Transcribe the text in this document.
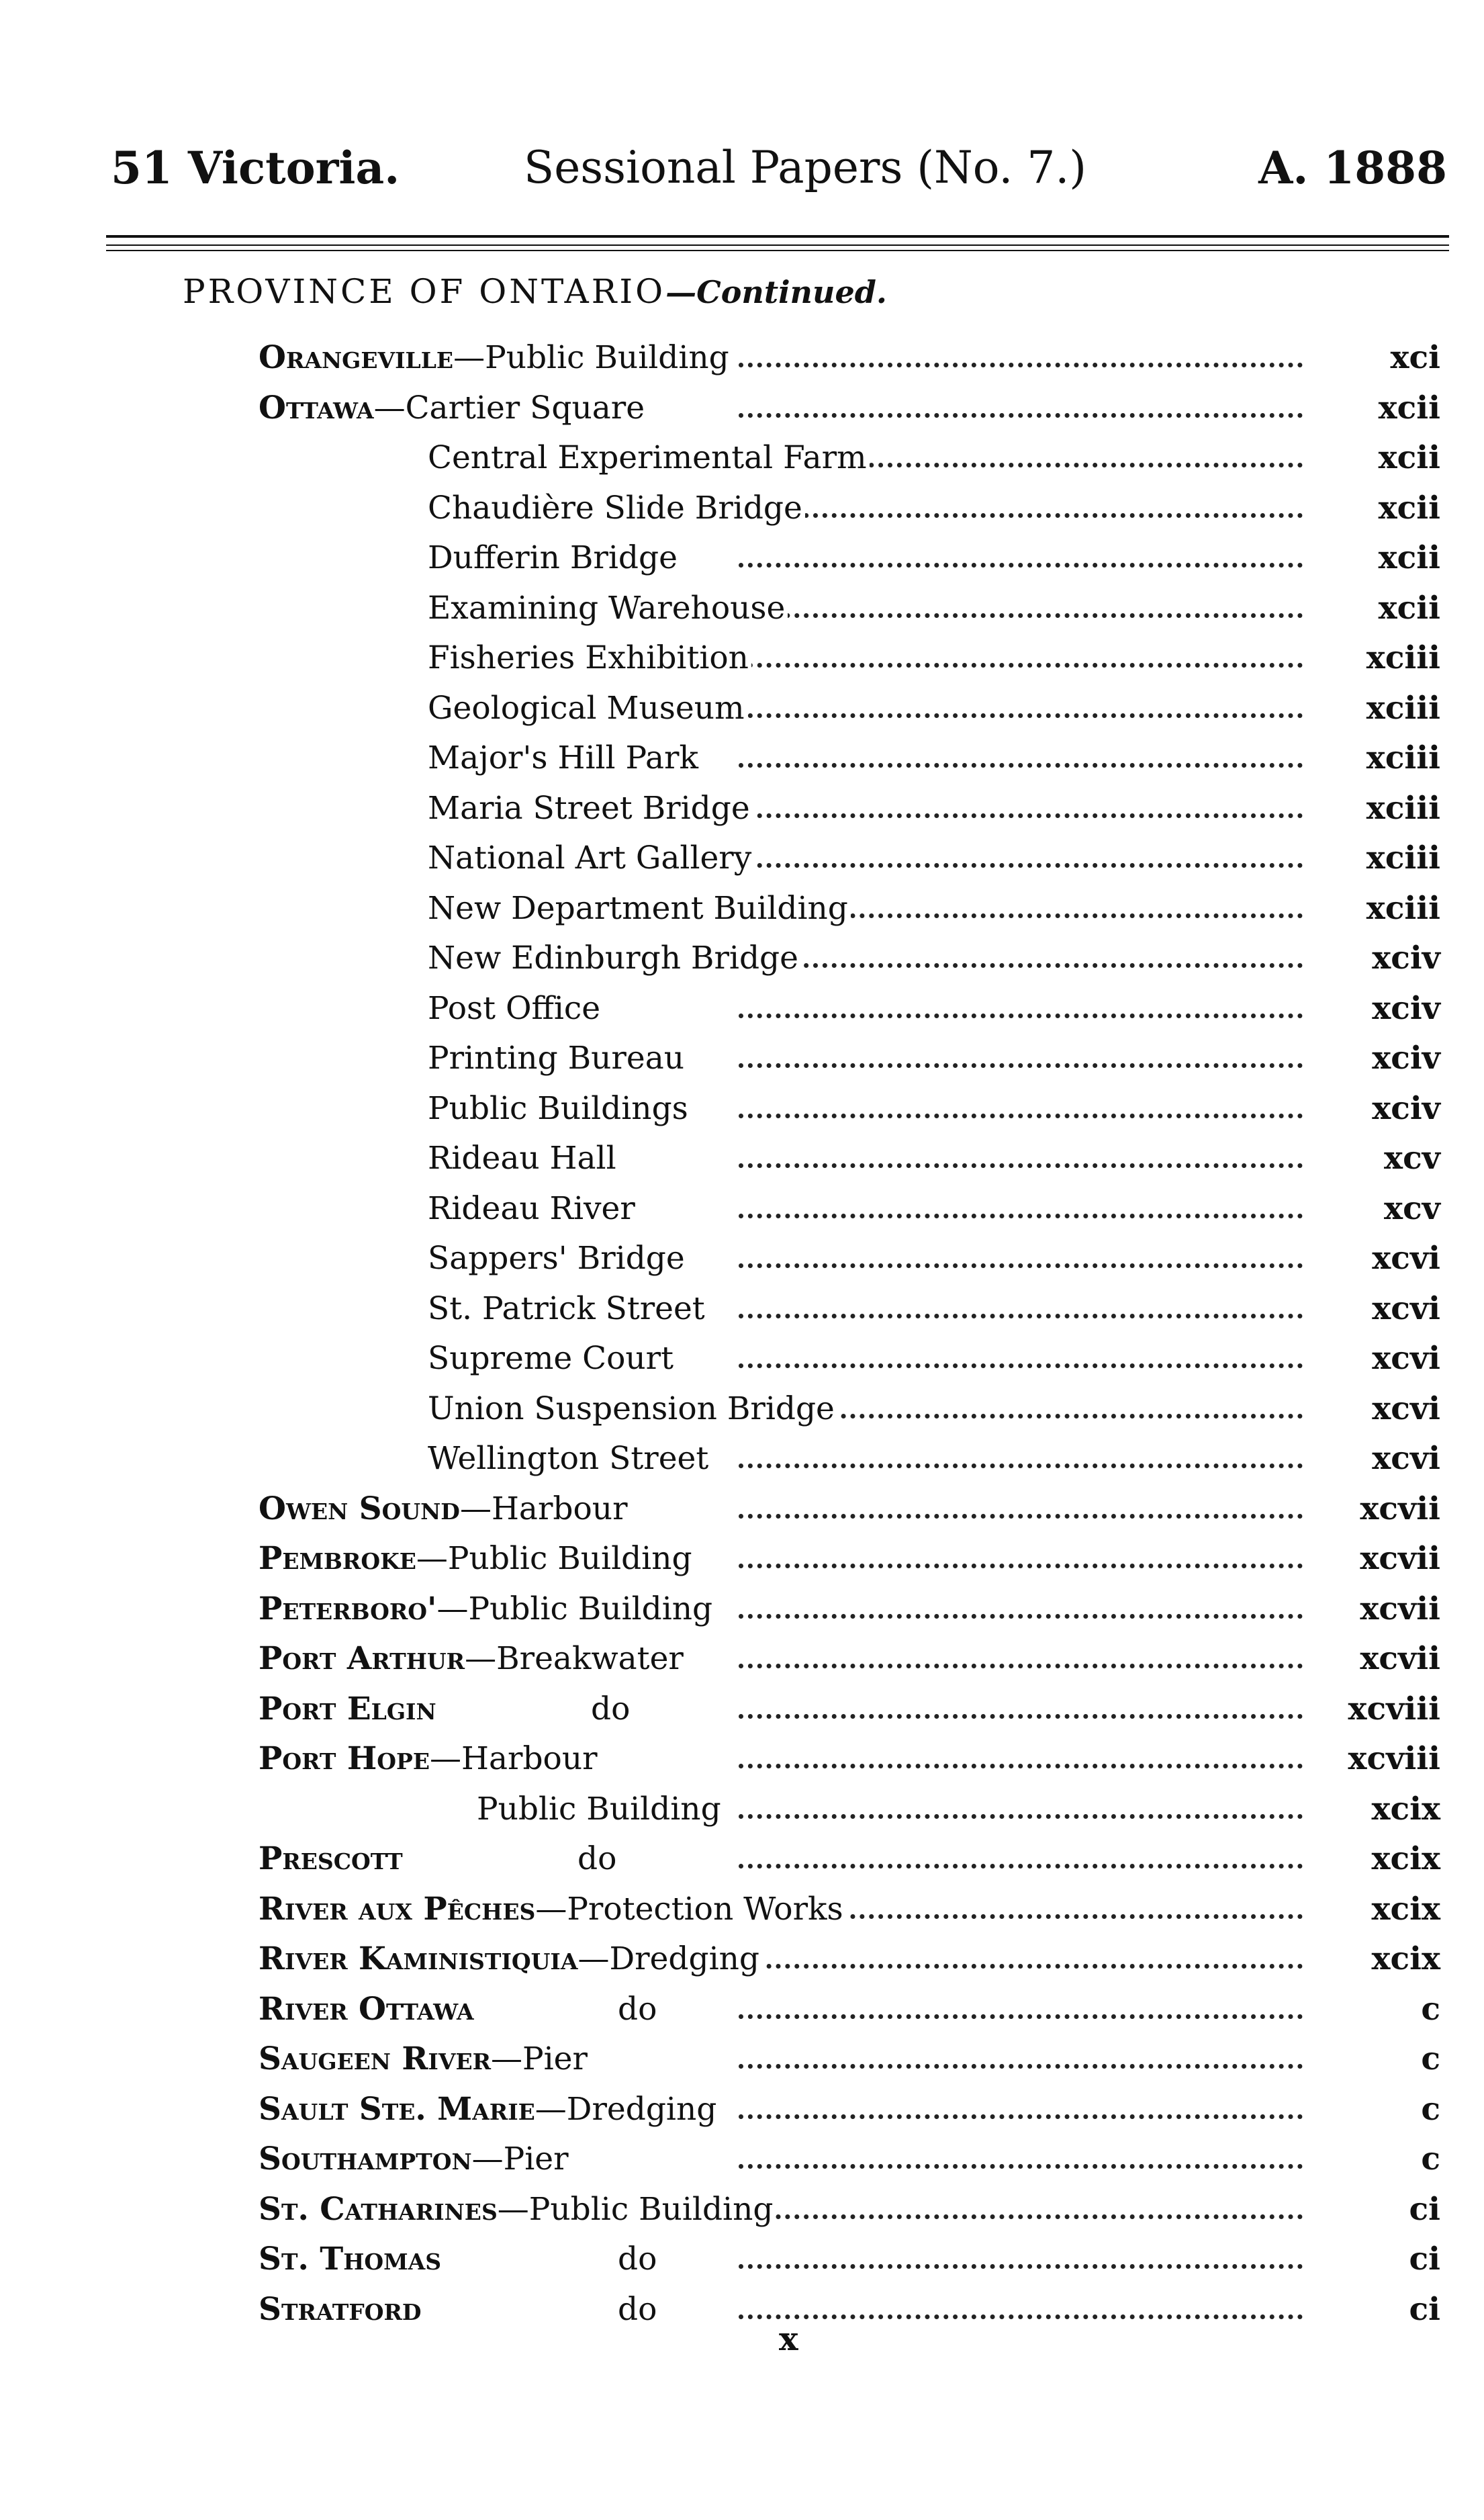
51 Victoria.	Sessional Papers (No. 7.)	A. 1888
PROVINCE OF ONTARIO—Continued.
Orangeville—Public Building	xci
Ottawa—Cartier Square	xcii
Central Experimental Farm	xcii
Chaudière Slide Bridge	xcii
Dufferin Bridge	xcii
Examining Warehouse	xcii
Fisheries Exhibition	xciii
Geological Museum	xciii
Major's Hill Park	xciii
Maria Street Bridge	xciii
National Art Gallery	xciii
New Department Building	xciii
New Edinburgh Bridge	xciv
Post Office	xciv
Printing Bureau	xciv
Public Buildings	xciv
Rideau Hall	xcv
Rideau River	xcv
Sappers' Bridge	xcvi
St. Patrick Street	xcvi
Supreme Court	xcvi
Union Suspension Bridge	xcvi
Wellington Street	xcvi
Owen Sound—Harbour	xcvii
Pembroke—Public Building	xcvii
Peterboro'—Public Building	xcvii
Port Arthur—Breakwater	xcvii
Port Elgin	do	xcviii
Port Hope—Harbour	xcviii
Public Building	xcix
Prescott	do	xcix
River aux Pêches—Protection Works	xcix
River Kaministiquia—Dredging	xcix
River Ottawa	do	c
Saugeen River—Pier	c
Sault Ste. Marie—Dredging	c
Southampton—Pier	c
St. Catharines—Public Building	ci
St. Thomas	do	ci
Stratford	do	ci
x
